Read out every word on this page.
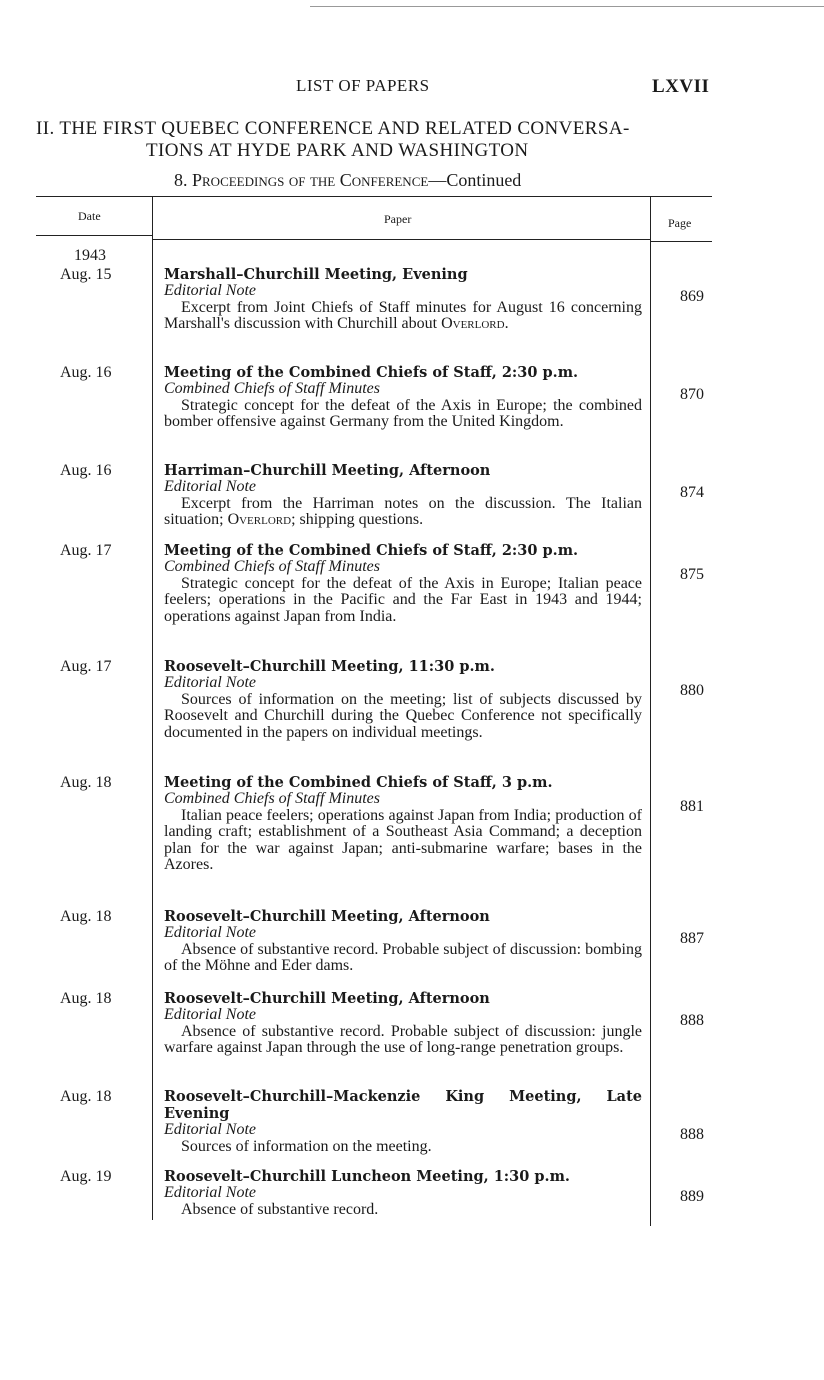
LIST OF PAPERS	LXVII
II. THE FIRST QUEBEC CONFERENCE AND RELATED CONVERSA-
TIONS AT HYDE PARK AND WASHINGTON
8. Proceedings of the Conference—Continued
Date	Paper	Page
1943
Aug. 15	Marshall–Churchill Meeting, Evening
Editorial Note
Excerpt from Joint Chiefs of Staff minutes for August 16 concerning Marshall's discussion with Churchill about Overlord.
869
Aug. 16	Meeting of the Combined Chiefs of Staff, 2:30 p.m.
Combined Chiefs of Staff Minutes
Strategic concept for the defeat of the Axis in Europe; the combined bomber offensive against Germany from the United Kingdom.
870
Aug. 16	Harriman–Churchill Meeting, Afternoon
Editorial Note
Excerpt from the Harriman notes on the discussion. The Italian situation; Overlord; shipping questions.
874
Aug. 17	Meeting of the Combined Chiefs of Staff, 2:30 p.m.
Combined Chiefs of Staff Minutes
Strategic concept for the defeat of the Axis in Europe; Italian peace feelers; operations in the Pacific and the Far East in 1943 and 1944; operations against Japan from India.
875
Aug. 17	Roosevelt–Churchill Meeting, 11:30 p.m.
Editorial Note
Sources of information on the meeting; list of subjects discussed by Roosevelt and Churchill during the Quebec Conference not specifically documented in the papers on individual meetings.
880
Aug. 18	Meeting of the Combined Chiefs of Staff, 3 p.m.
Combined Chiefs of Staff Minutes
Italian peace feelers; operations against Japan from India; production of landing craft; establishment of a Southeast Asia Command; a deception plan for the war against Japan; anti-submarine warfare; bases in the Azores.
881
Aug. 18	Roosevelt–Churchill Meeting, Afternoon
Editorial Note
Absence of substantive record. Probable subject of discussion: bombing of the Möhne and Eder dams.
887
Aug. 18	Roosevelt–Churchill Meeting, Afternoon
Editorial Note
Absence of substantive record. Probable subject of discussion: jungle warfare against Japan through the use of long-range penetration groups.
888
Aug. 18	Roosevelt–Churchill–Mackenzie King Meeting, Late Evening
Editorial Note
Sources of information on the meeting.
888
Aug. 19	Roosevelt–Churchill Luncheon Meeting, 1:30 p.m.
Editorial Note
Absence of substantive record.
889
